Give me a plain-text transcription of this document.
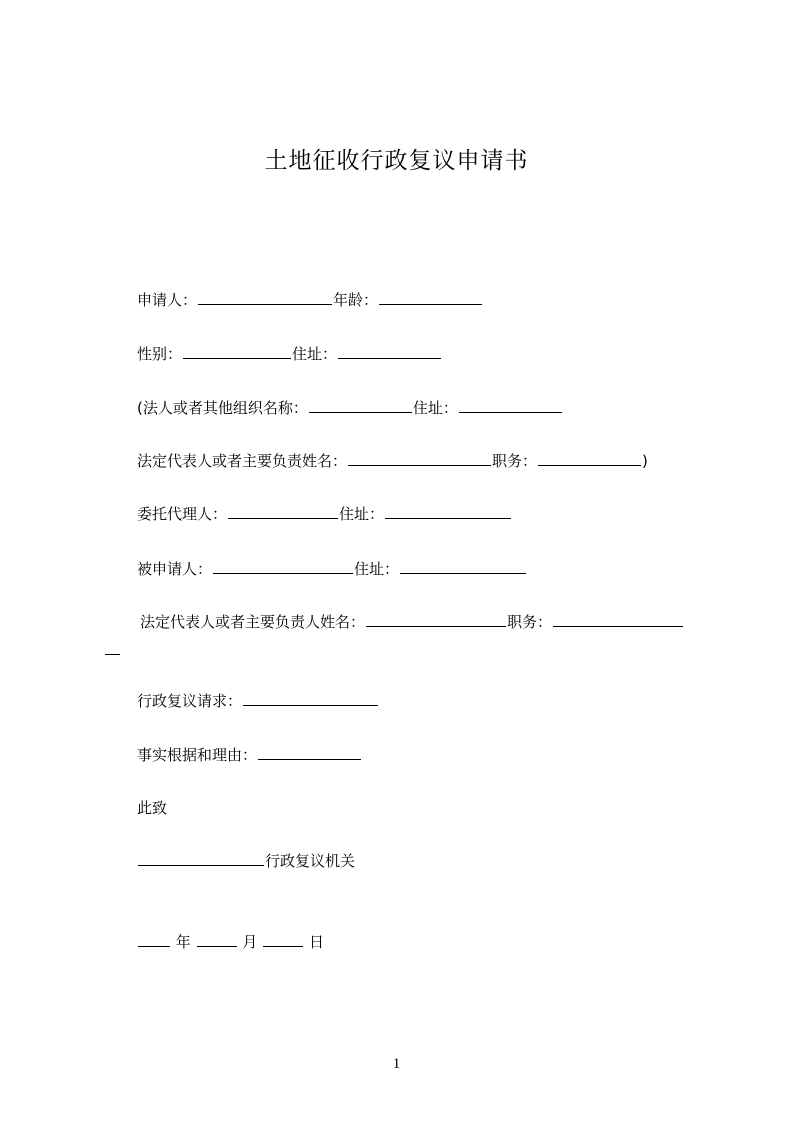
土地征收行政复议申请书
申请人：	年龄：
性别：	住址：
(法人或者其他组织名称：	住址：
法定代表人或者主要负责姓名：	职务：	)
委托代理人：	住址：
被申请人：	住址：
法定代表人或者主要负责人姓名：	职务：
行政复议请求：
事实根据和理由：
此致
行政复议机关
年	月	日
1
